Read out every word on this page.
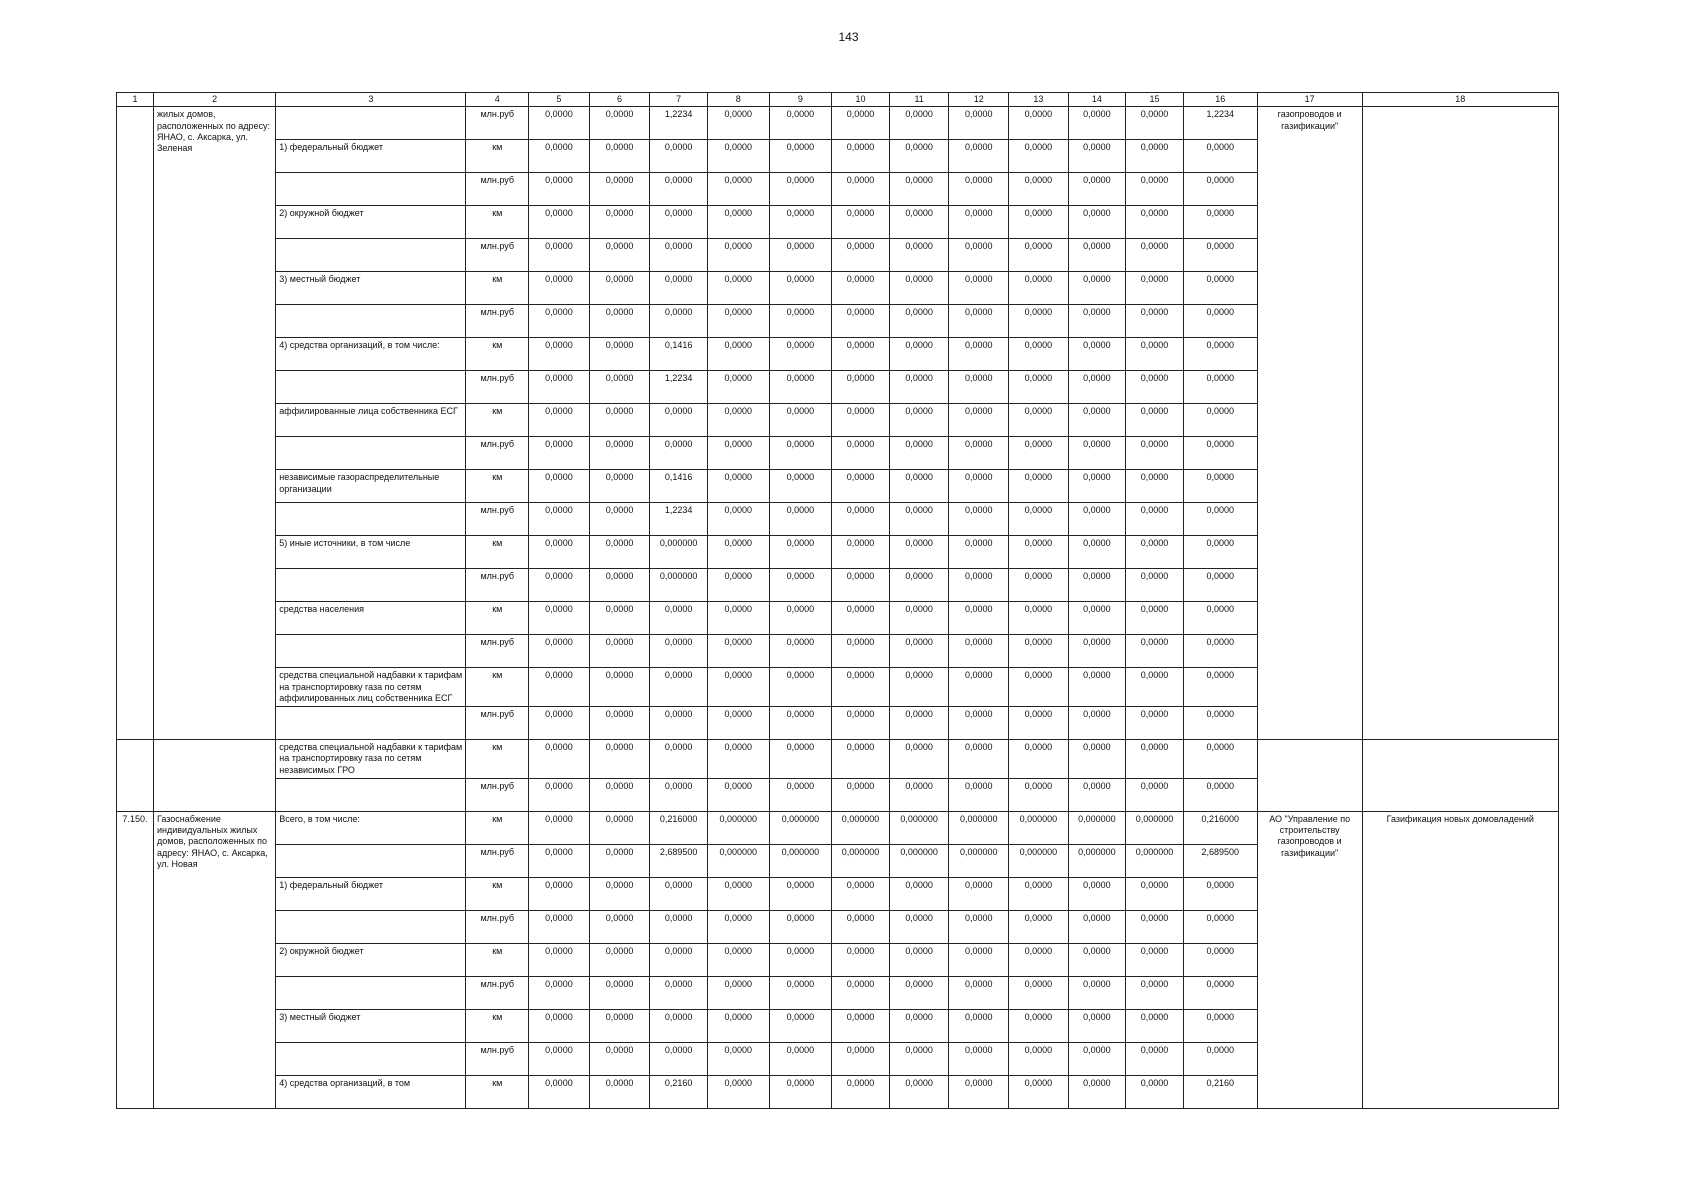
143
1	2	3	4	5	6	7	8	9	10	11	12	13	14	15	16	17	18
	жилых домов, расположенных по адресу: ЯНАО, с. Аксарка, ул. Зеленая		млн.руб	0,0000	0,0000	1,2234	0,0000	0,0000	0,0000	0,0000	0,0000	0,0000	0,0000	0,0000	1,2234	газопроводов и газификации"	
		1) федеральный бюджет	км	0,0000	0,0000	0,0000	0,0000	0,0000	0,0000	0,0000	0,0000	0,0000	0,0000	0,0000	0,0000		
			млн.руб	0,0000	0,0000	0,0000	0,0000	0,0000	0,0000	0,0000	0,0000	0,0000	0,0000	0,0000	0,0000		
		2) окружной бюджет	км	0,0000	0,0000	0,0000	0,0000	0,0000	0,0000	0,0000	0,0000	0,0000	0,0000	0,0000	0,0000		
			млн.руб	0,0000	0,0000	0,0000	0,0000	0,0000	0,0000	0,0000	0,0000	0,0000	0,0000	0,0000	0,0000		
		3) местный бюджет	км	0,0000	0,0000	0,0000	0,0000	0,0000	0,0000	0,0000	0,0000	0,0000	0,0000	0,0000	0,0000		
			млн.руб	0,0000	0,0000	0,0000	0,0000	0,0000	0,0000	0,0000	0,0000	0,0000	0,0000	0,0000	0,0000		
		4) средства организаций, в том числе:	км	0,0000	0,0000	0,1416	0,0000	0,0000	0,0000	0,0000	0,0000	0,0000	0,0000	0,0000	0,0000		
			млн.руб	0,0000	0,0000	1,2234	0,0000	0,0000	0,0000	0,0000	0,0000	0,0000	0,0000	0,0000	0,0000		
		аффилированные лица собственника ЕСГ	км	0,0000	0,0000	0,0000	0,0000	0,0000	0,0000	0,0000	0,0000	0,0000	0,0000	0,0000	0,0000		
			млн.руб	0,0000	0,0000	0,0000	0,0000	0,0000	0,0000	0,0000	0,0000	0,0000	0,0000	0,0000	0,0000		
		независимые газораспределительные организации	км	0,0000	0,0000	0,1416	0,0000	0,0000	0,0000	0,0000	0,0000	0,0000	0,0000	0,0000	0,0000		
			млн.руб	0,0000	0,0000	1,2234	0,0000	0,0000	0,0000	0,0000	0,0000	0,0000	0,0000	0,0000	0,0000		
		5) иные источники, в том числе	км	0,0000	0,0000	0,000000	0,0000	0,0000	0,0000	0,0000	0,0000	0,0000	0,0000	0,0000	0,0000		
			млн.руб	0,0000	0,0000	0,000000	0,0000	0,0000	0,0000	0,0000	0,0000	0,0000	0,0000	0,0000	0,0000		
		средства населения	км	0,0000	0,0000	0,0000	0,0000	0,0000	0,0000	0,0000	0,0000	0,0000	0,0000	0,0000	0,0000		
			млн.руб	0,0000	0,0000	0,0000	0,0000	0,0000	0,0000	0,0000	0,0000	0,0000	0,0000	0,0000	0,0000		
		средства специальной надбавки к тарифам на транспортировку газа по сетям аффилированных лиц собственника ЕСГ	км	0,0000	0,0000	0,0000	0,0000	0,0000	0,0000	0,0000	0,0000	0,0000	0,0000	0,0000	0,0000		
			млн.руб	0,0000	0,0000	0,0000	0,0000	0,0000	0,0000	0,0000	0,0000	0,0000	0,0000	0,0000	0,0000		
		средства специальной надбавки к тарифам на транспортировку газа по сетям независимых ГРО	км	0,0000	0,0000	0,0000	0,0000	0,0000	0,0000	0,0000	0,0000	0,0000	0,0000	0,0000	0,0000		
			млн.руб	0,0000	0,0000	0,0000	0,0000	0,0000	0,0000	0,0000	0,0000	0,0000	0,0000	0,0000	0,0000		
7.150.	Газоснабжение индивидуальных жилых домов, расположенных по адресу: ЯНАО, с. Аксарка, ул. Новая	Всего, в том числе:	км	0,0000	0,0000	0,216000	0,000000	0,000000	0,000000	0,000000	0,000000	0,000000	0,000000	0,000000	0,216000	АО "Управление по строительству газопроводов и газификации"	Газификация новых домовладений
			млн.руб	0,0000	0,0000	2,689500	0,000000	0,000000	0,000000	0,000000	0,000000	0,000000	0,000000	0,000000	2,689500		
		1) федеральный бюджет	км	0,0000	0,0000	0,0000	0,0000	0,0000	0,0000	0,0000	0,0000	0,0000	0,0000	0,0000	0,0000		
			млн.руб	0,0000	0,0000	0,0000	0,0000	0,0000	0,0000	0,0000	0,0000	0,0000	0,0000	0,0000	0,0000		
		2) окружной бюджет	км	0,0000	0,0000	0,0000	0,0000	0,0000	0,0000	0,0000	0,0000	0,0000	0,0000	0,0000	0,0000		
			млн.руб	0,0000	0,0000	0,0000	0,0000	0,0000	0,0000	0,0000	0,0000	0,0000	0,0000	0,0000	0,0000		
		3) местный бюджет	км	0,0000	0,0000	0,0000	0,0000	0,0000	0,0000	0,0000	0,0000	0,0000	0,0000	0,0000	0,0000		
			млн.руб	0,0000	0,0000	0,0000	0,0000	0,0000	0,0000	0,0000	0,0000	0,0000	0,0000	0,0000	0,0000		
		4) средства организаций, в том	км	0,0000	0,0000	0,2160	0,0000	0,0000	0,0000	0,0000	0,0000	0,0000	0,0000	0,0000	0,2160		
